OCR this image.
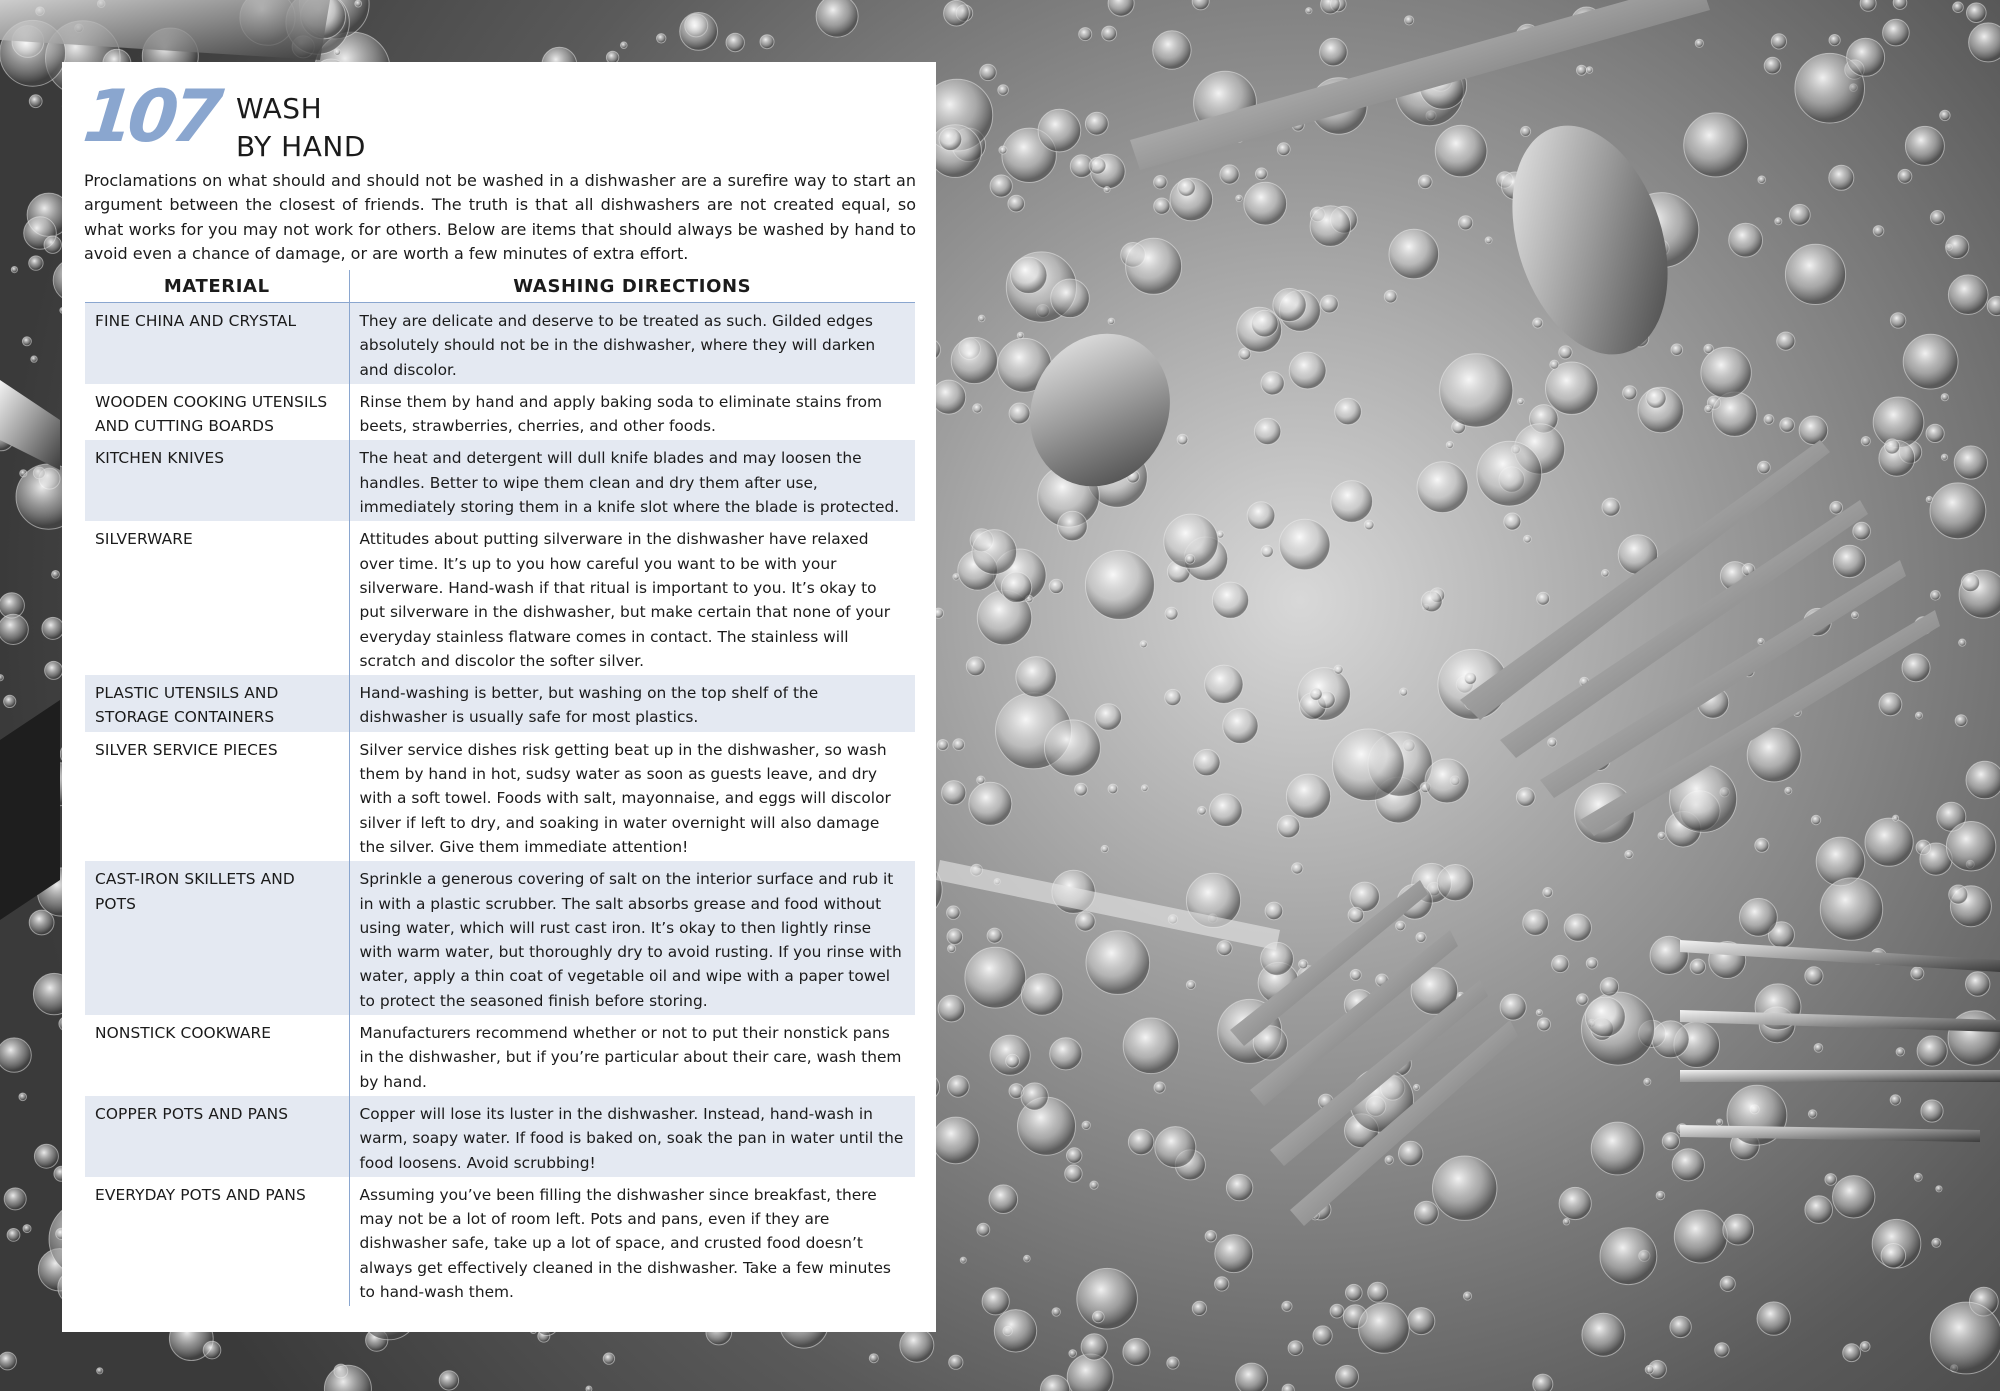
107 WASH
BY HAND

Proclamations on what should and should not be washed in a dishwasher are a surefire way to start an argument between the closest of friends. The truth is that all dishwashers are not created equal, so what works for you may not work for others. Below are items that should always be washed by hand to avoid even a chance of damage, or are worth a few minutes of extra effort.

MATERIAL	WASHING DIRECTIONS
FINE CHINA AND CRYSTAL	They are delicate and deserve to be treated as such. Gilded edges absolutely should not be in the dishwasher, where they will darken and discolor.
WOODEN COOKING UTENSILS AND CUTTING BOARDS	Rinse them by hand and apply baking soda to eliminate stains from beets, strawberries, cherries, and other foods.
KITCHEN KNIVES	The heat and detergent will dull knife blades and may loosen the handles. Better to wipe them clean and dry them after use, immediately storing them in a knife slot where the blade is protected.
SILVERWARE	Attitudes about putting silverware in the dishwasher have relaxed over time. It’s up to you how careful you want to be with your silverware. Hand-wash if that ritual is important to you. It’s okay to put silverware in the dishwasher, but make certain that none of your everyday stainless flatware comes in contact. The stainless will scratch and discolor the softer silver.
PLASTIC UTENSILS AND STORAGE CONTAINERS	Hand-washing is better, but washing on the top shelf of the dishwasher is usually safe for most plastics.
SILVER SERVICE PIECES	Silver service dishes risk getting beat up in the dishwasher, so wash them by hand in hot, sudsy water as soon as guests leave, and dry with a soft towel. Foods with salt, mayonnaise, and eggs will discolor silver if left to dry, and soaking in water overnight will also damage the silver. Give them immediate attention!
CAST-IRON SKILLETS AND POTS	Sprinkle a generous covering of salt on the interior surface and rub it in with a plastic scrubber. The salt absorbs grease and food without using water, which will rust cast iron. It’s okay to then lightly rinse with warm water, but thoroughly dry to avoid rusting. If you rinse with water, apply a thin coat of vegetable oil and wipe with a paper towel to protect the seasoned finish before storing.
NONSTICK COOKWARE	Manufacturers recommend whether or not to put their nonstick pans in the dishwasher, but if you’re particular about their care, wash them by hand.
COPPER POTS AND PANS	Copper will lose its luster in the dishwasher. Instead, hand-wash in warm, soapy water. If food is baked on, soak the pan in water until the food loosens. Avoid scrubbing!
EVERYDAY POTS AND PANS	Assuming you’ve been filling the dishwasher since breakfast, there may not be a lot of room left. Pots and pans, even if they are dishwasher safe, take up a lot of space, and crusted food doesn’t always get effectively cleaned in the dishwasher. Take a few minutes to hand-wash them.
